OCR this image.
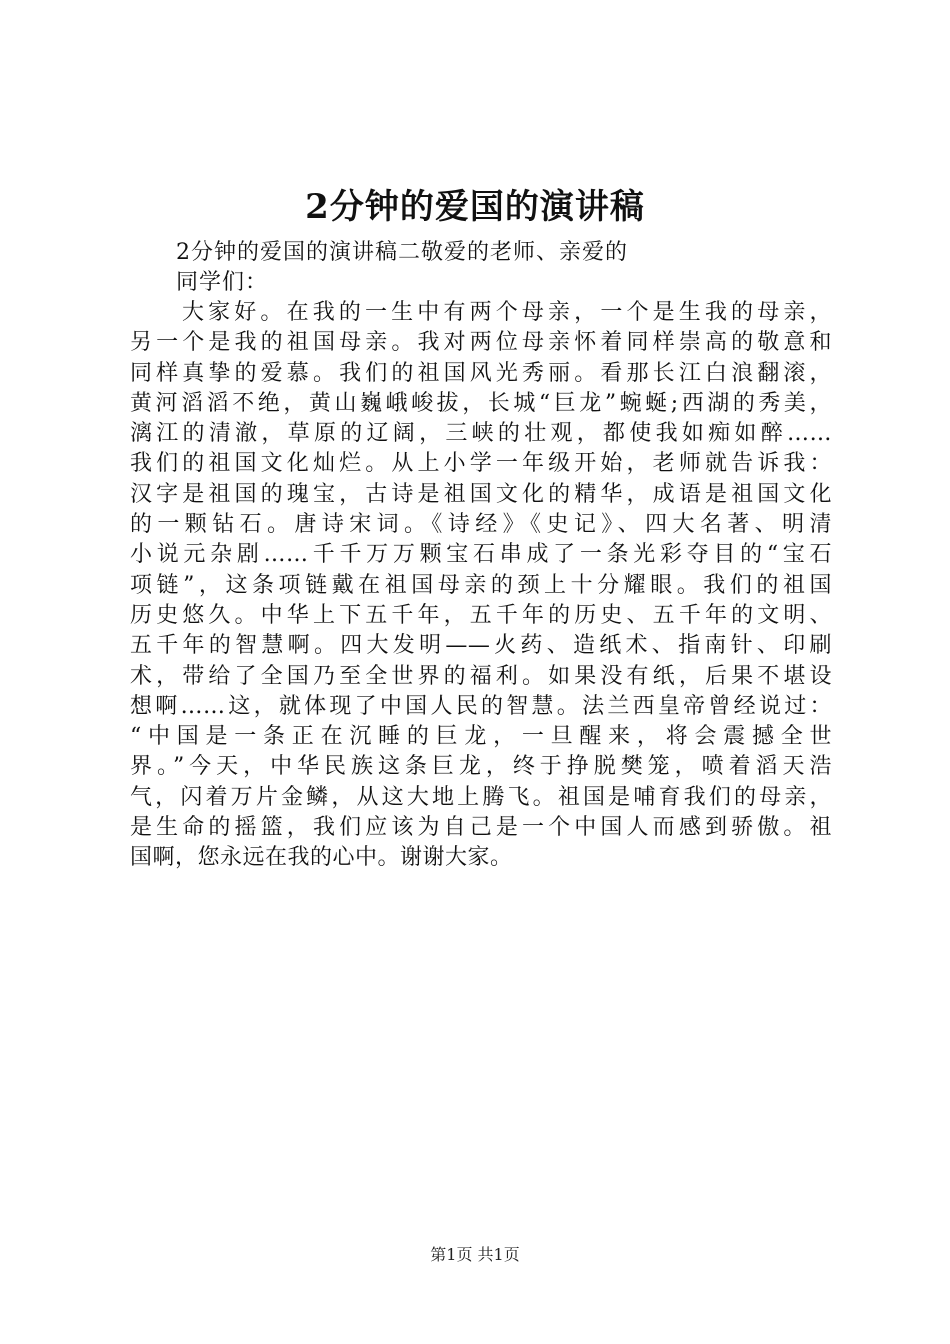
2分钟的爱国的演讲稿
2分钟的爱国的演讲稿二敬爱的老师、亲爱的
同学们：
大家好。在我的一生中有两个母亲，一个是生我的母亲，
另一个是我的祖国母亲。我对两位母亲怀着同样崇高的敬意和
同样真挚的爱慕。我们的祖国风光秀丽。看那长江白浪翻滚，
黄河滔滔不绝，黄山巍峨峻拔，长城“巨龙”蜿蜒;西湖的秀美，
漓江的清澈，草原的辽阔，三峡的壮观，都使我如痴如醉……
我们的祖国文化灿烂。从上小学一年级开始，老师就告诉我：
汉字是祖国的瑰宝，古诗是祖国文化的精华，成语是祖国文化
的一颗钻石。唐诗宋词。《诗经》《史记》、四大名著、明清
小说元杂剧……千千万万颗宝石串成了一条光彩夺目的“宝石
项链”，这条项链戴在祖国母亲的颈上十分耀眼。我们的祖国
历史悠久。中华上下五千年，五千年的历史、五千年的文明、
五千年的智慧啊。四大发明——火药、造纸术、指南针、印刷
术，带给了全国乃至全世界的福利。如果没有纸，后果不堪设
想啊……这，就体现了中国人民的智慧。法兰西皇帝曾经说过：
“中国是一条正在沉睡的巨龙，一旦醒来，将会震撼全世
界。”今天，中华民族这条巨龙，终于挣脱樊笼，喷着滔天浩
气，闪着万片金鳞，从这大地上腾飞。祖国是哺育我们的母亲，
是生命的摇篮，我们应该为自己是一个中国人而感到骄傲。祖
国啊，您永远在我的心中。谢谢大家。
第1页 共1页
